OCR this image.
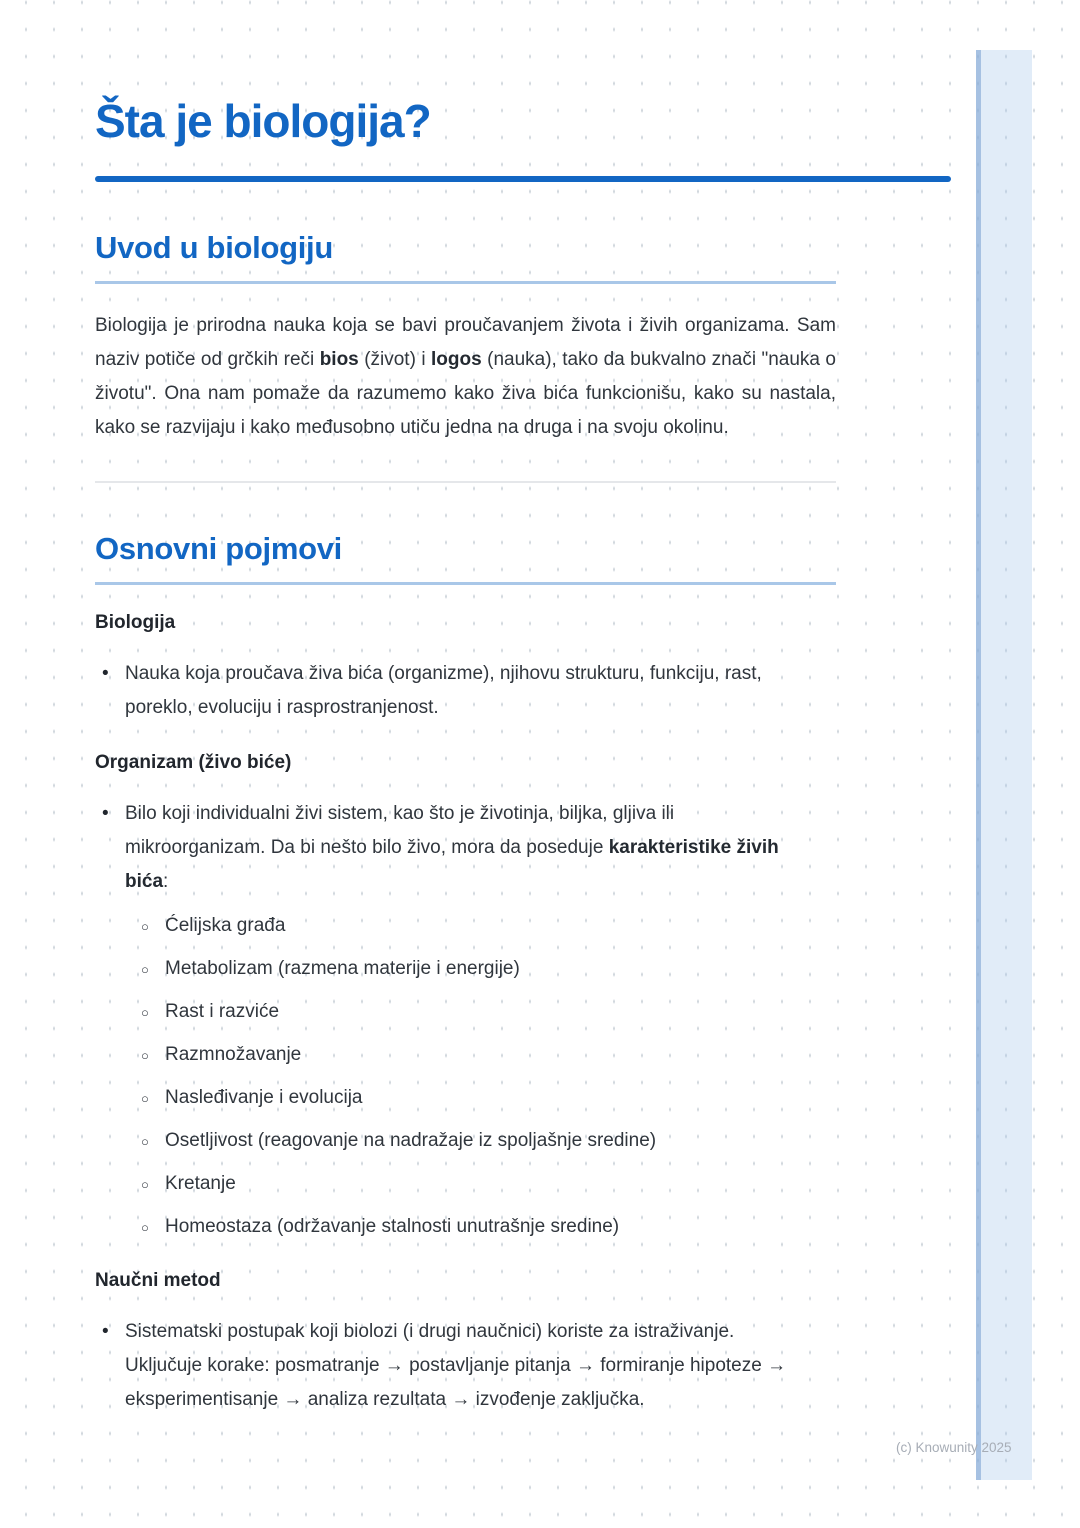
Šta je biologija?
Uvod u biologiju

Biologija je prirodna nauka koja se bavi proučavanjem života i živih organizama. Sam naziv potiče od grčkih reči bios (život) i logos (nauka), tako da bukvalno znači "nauka o životu". Ona nam pomaže da razumemo kako živa bića funkcionišu, kako su nastala, kako se razvijaju i kako međusobno utiču jedna na druga i na svoju okolinu.

Osnovni pojmovi
Biologija
• Nauka koja proučava živa bića (organizme), njihovu strukturu, funkciju, rast, poreklo, evoluciju i rasprostranjenost.
Organizam (živo biće)
• Bilo koji individualni živi sistem, kao što je životinja, biljka, gljiva ili mikroorganizam. Da bi nešto bilo živo, mora da poseduje karakteristike živih bića:
○ Ćelijska građa
○ Metabolizam (razmena materije i energije)
○ Rast i razviće
○ Razmnožavanje
○ Nasleđivanje i evolucija
○ Osetljivost (reagovanje na nadražaje iz spoljašnje sredine)
○ Kretanje
○ Homeostaza (održavanje stalnosti unutrašnje sredine)
Naučni metod
• Sistematski postupak koji biolozi (i drugi naučnici) koriste za istraživanje. Uključuje korake: posmatranje → postavljanje pitanja → formiranje hipoteze → eksperimentisanje → analiza rezultata → izvođenje zaključka.
(c) Knowunity 2025
